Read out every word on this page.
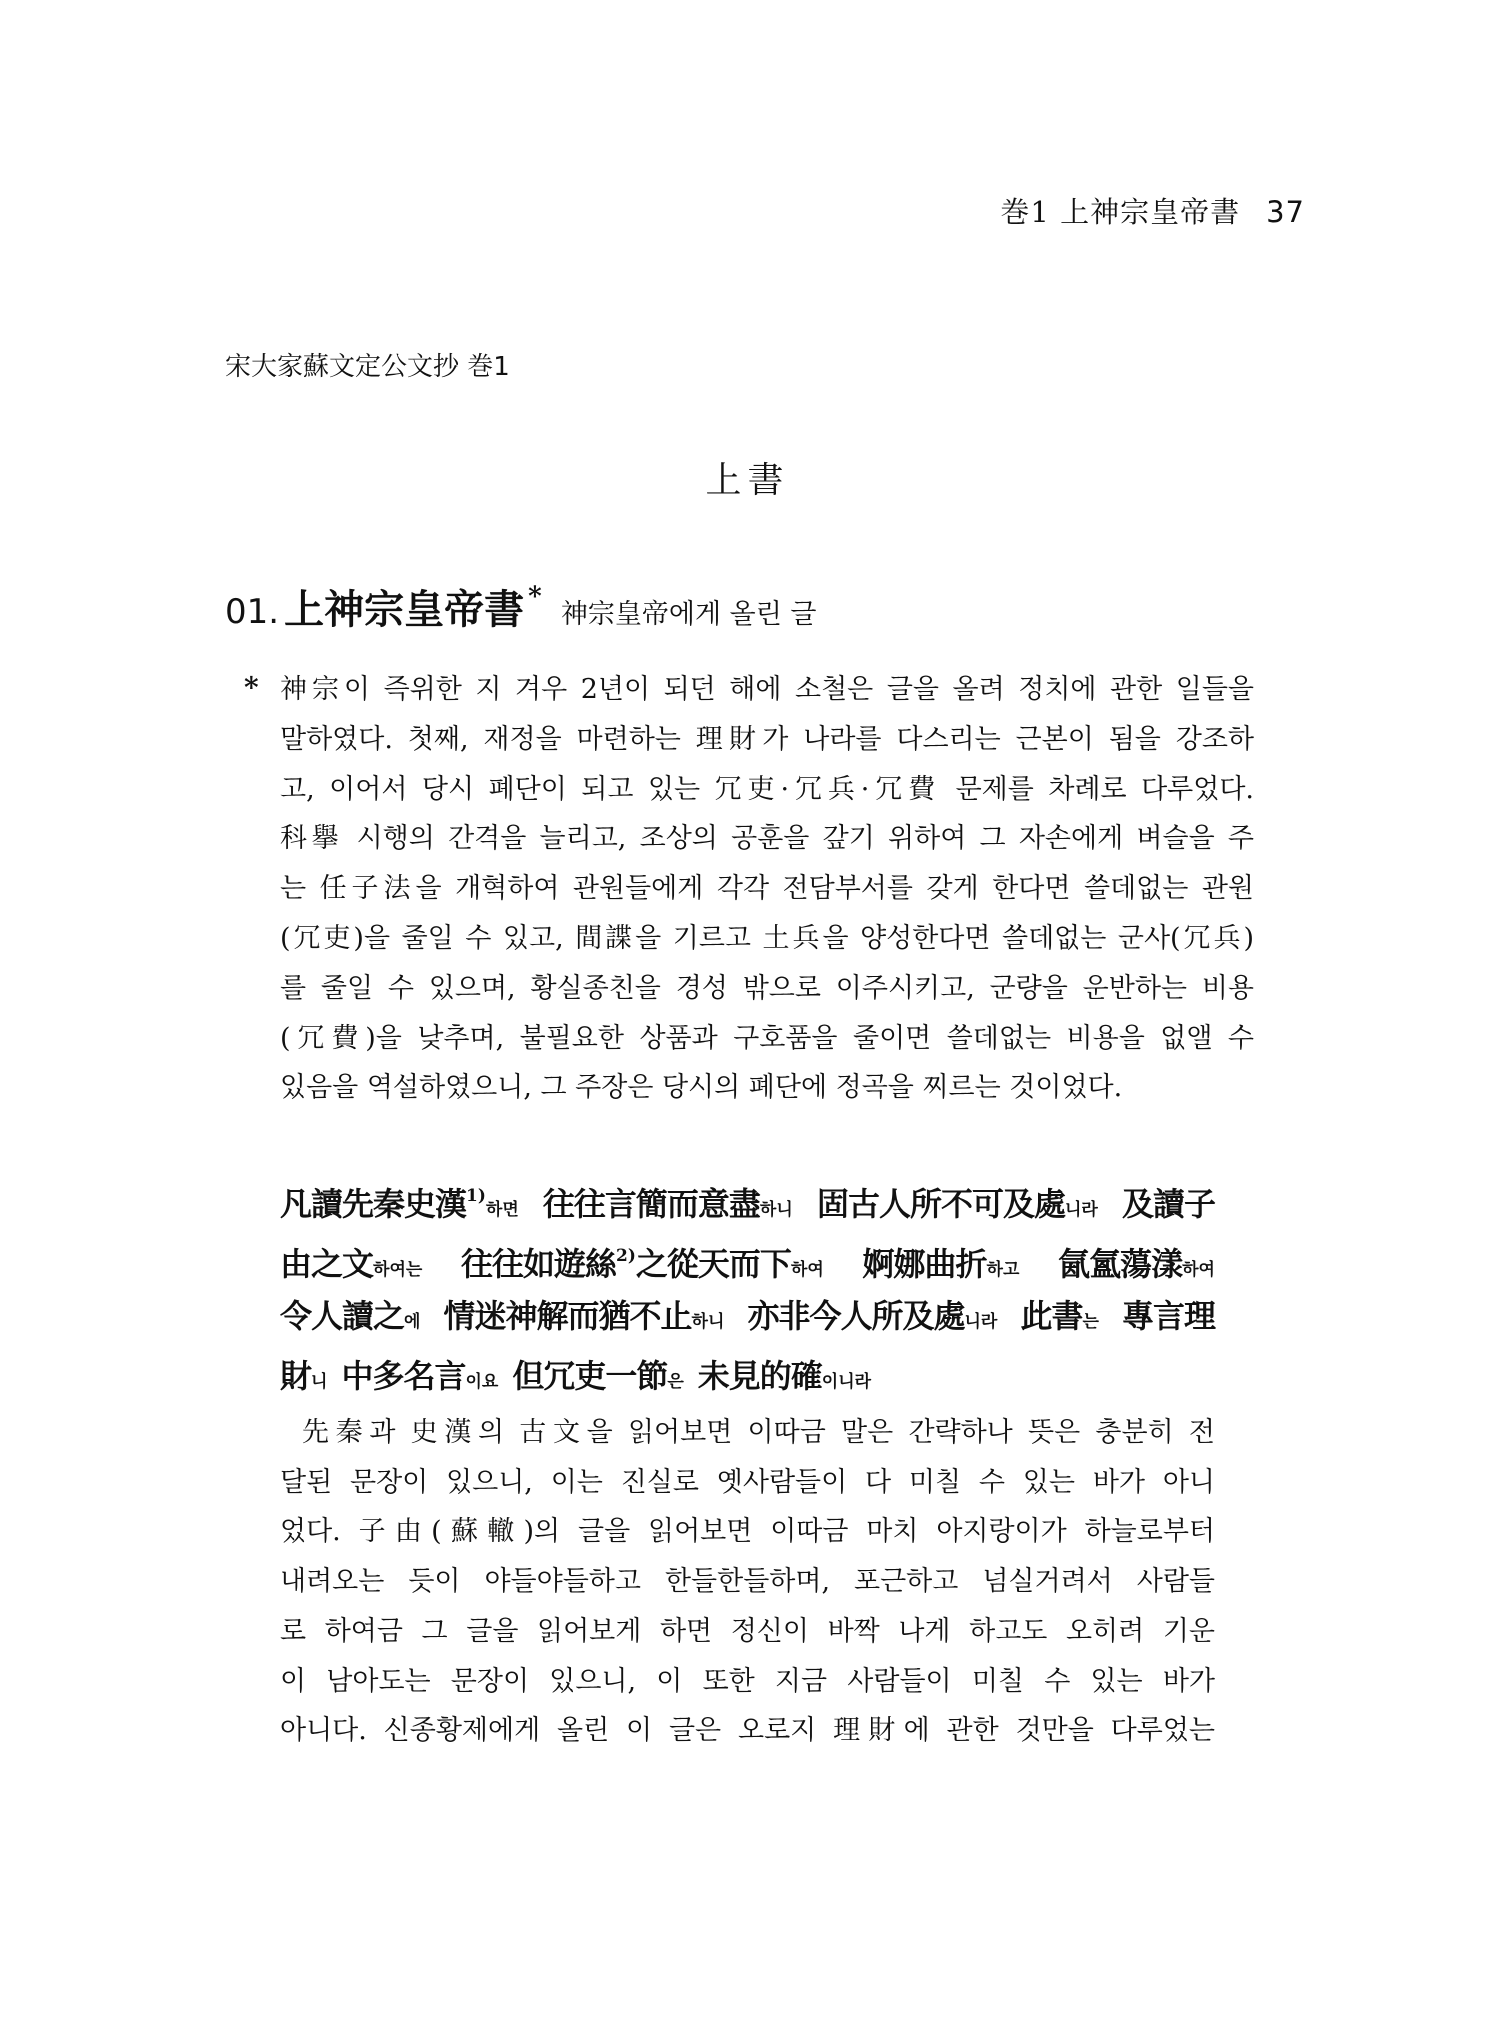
巻1 上神宗皇帝書 37
宋大家蘇文定公文抄 巻1
上書
01. 上神宗皇帝書 * 神宗皇帝에게 올린 글
* 神宗이 즉위한 지 겨우 2년이 되던 해에 소철은 글을 올려 정치에 관한 일들을
말하였다. 첫째, 재정을 마련하는 理財가 나라를 다스리는 근본이 됨을 강조하
고, 이어서 당시 폐단이 되고 있는 冗吏·冗兵·冗費 문제를 차례로 다루었다.
科擧 시행의 간격을 늘리고, 조상의 공훈을 갚기 위하여 그 자손에게 벼슬을 주
는 任子法을 개혁하여 관원들에게 각각 전담부서를 갖게 한다면 쓸데없는 관원
(冗吏)을 줄일 수 있고, 間諜을 기르고 土兵을 양성한다면 쓸데없는 군사(冗兵)
를 줄일 수 있으며, 황실종친을 경성 밖으로 이주시키고, 군량을 운반하는 비용
(冗費)을 낮추며, 불필요한 상품과 구호품을 줄이면 쓸데없는 비용을 없앨 수
있음을 역설하였으니, 그 주장은 당시의 폐단에 정곡을 찌르는 것이었다.
凡讀先秦史漢1)하면 往往言簡而意盡하니 固古人所不可及處니라 及讀子
由之文하여는 往往如遊絲2)之從天而下하여 婀娜曲折하고 氤氳蕩漾하여
令人讀之에 情迷神解而猶不止하니 亦非今人所及處니라 此書는 專言理
財니 中多名言이요 但冗吏一節은 未見的確이니라
先秦과 史漢의 古文을 읽어보면 이따금 말은 간략하나 뜻은 충분히 전
달된 문장이 있으니, 이는 진실로 옛사람들이 다 미칠 수 있는 바가 아니
었다. 子由(蘇轍)의 글을 읽어보면 이따금 마치 아지랑이가 하늘로부터
내려오는 듯이 야들야들하고 한들한들하며, 포근하고 넘실거려서 사람들
로 하여금 그 글을 읽어보게 하면 정신이 바짝 나게 하고도 오히려 기운
이 남아도는 문장이 있으니, 이 또한 지금 사람들이 미칠 수 있는 바가
아니다. 신종황제에게 올린 이 글은 오로지 理財에 관한 것만을 다루었는
